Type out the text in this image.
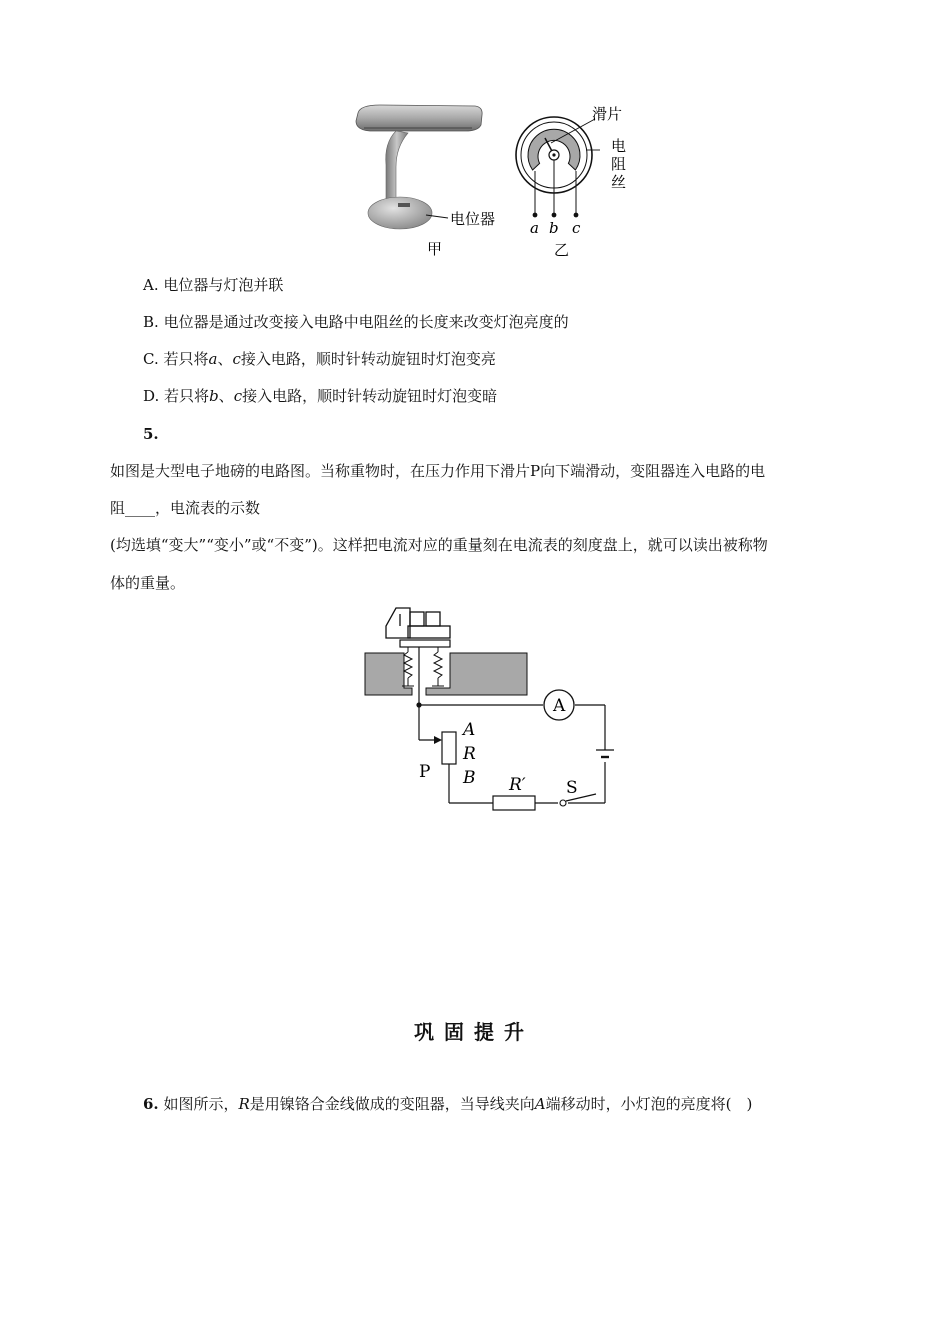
电位器
甲
滑片
电
阻
丝
a b c
乙
A. 电位器与灯泡并联
B. 电位器是通过改变接入电路中电阻丝的长度来改变灯泡亮度的
C. 若只将a、c接入电路，顺时针转动旋钮时灯泡变亮
D. 若只将b、c接入电路，顺时针转动旋钮时灯泡变暗
5.
如图是大型电子地磅的电路图。当称重物时，在压力作用下滑片P向下端滑动，变阻器连入电路的电
阻____，电流表的示数
(均选填“变大”“变小”或“不变”)。这样把电流对应的重量刻在电流表的刻度盘上，就可以读出被称物
体的重量。
A
A
R
B
P
R′ S
巩固提升
6. 如图所示，R是用镍铬合金线做成的变阻器，当导线夹向A端移动时，小灯泡的亮度将(　)
